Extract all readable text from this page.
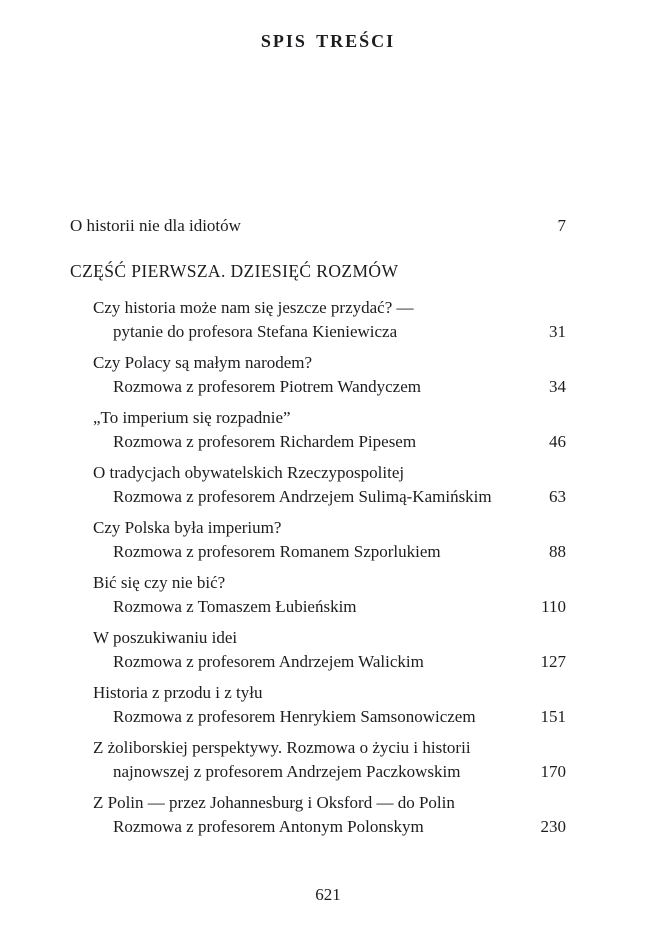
SPIS TREŚCI
O historii nie dla idiotów	7
CZĘŚĆ PIERWSZA. DZIESIĘĆ ROZMÓW
Czy historia może nam się jeszcze przydać? —
pytanie do profesora Stefana Kieniewicza	31
Czy Polacy są małym narodem?
Rozmowa z profesorem Piotrem Wandyczem	34
„To imperium się rozpadnie”
Rozmowa z profesorem Richardem Pipesem	46
O tradycjach obywatelskich Rzeczypospolitej
Rozmowa z profesorem Andrzejem Sulimą-Kamińskim	63
Czy Polska była imperium?
Rozmowa z profesorem Romanem Szporlukiem	88
Bić się czy nie bić?
Rozmowa z Tomaszem Łubieńskim	110
W poszukiwaniu idei
Rozmowa z profesorem Andrzejem Walickim	127
Historia z przodu i z tyłu
Rozmowa z profesorem Henrykiem Samsonowiczem	151
Z żoliborskiej perspektywy. Rozmowa o życiu i historii
najnowszej z profesorem Andrzejem Paczkowskim	170
Z Polin — przez Johannesburg i Oksford — do Polin
Rozmowa z profesorem Antonym Polonskym	230
621
